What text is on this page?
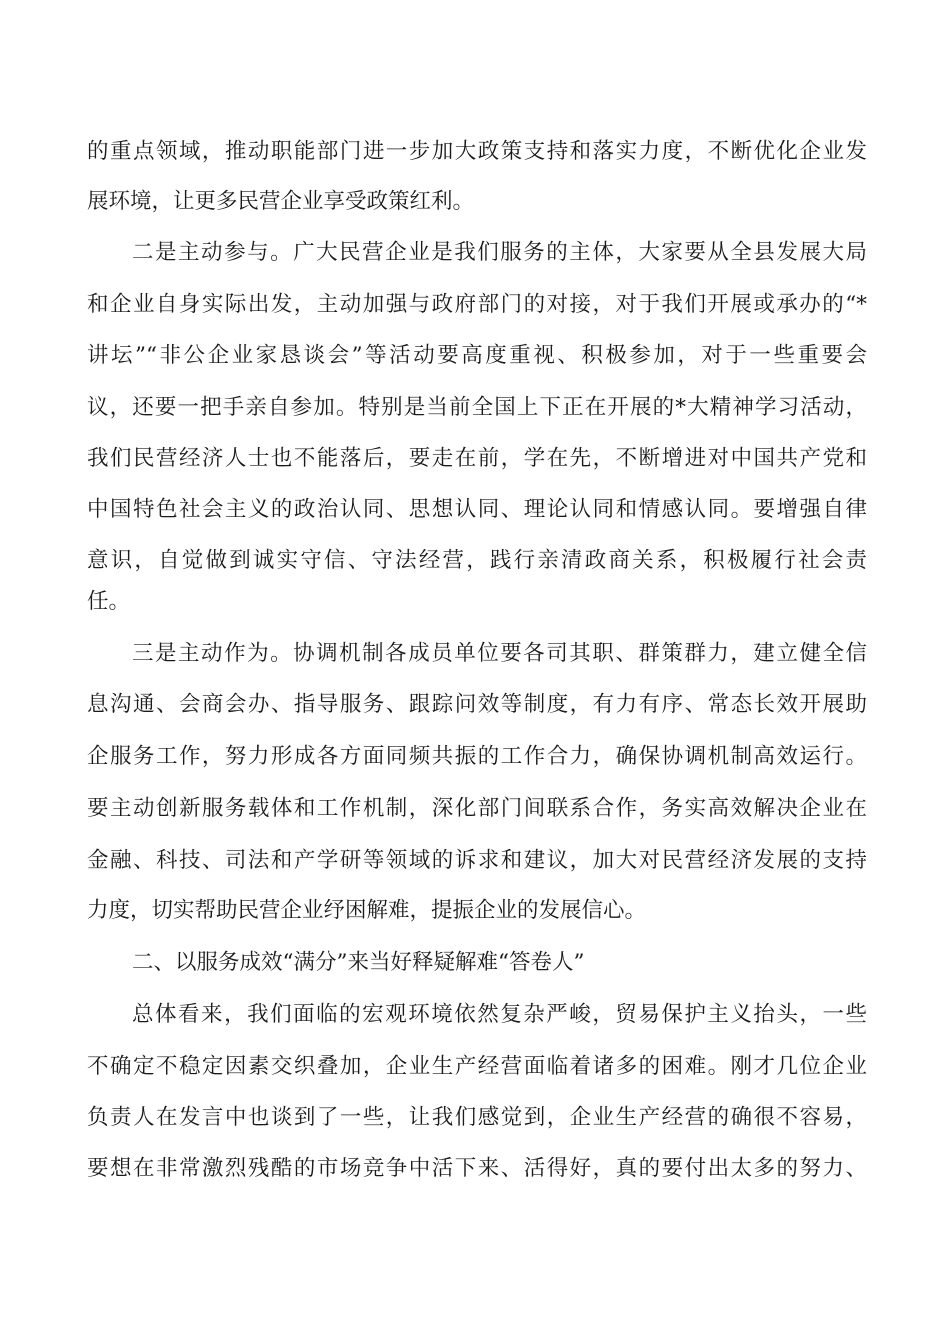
的重点领域，推动职能部门进一步加大政策支持和落实力度，不断优化企业发
展环境，让更多民营企业享受政策红利。
二是主动参与。广大民营企业是我们服务的主体，大家要从全县发展大局
和企业自身实际出发，主动加强与政府部门的对接，对于我们开展或承办的“*
讲坛”“非公企业家恳谈会”等活动要高度重视、积极参加，对于一些重要会
议，还要一把手亲自参加。特别是当前全国上下正在开展的*大精神学习活动，
我们民营经济人士也不能落后，要走在前，学在先，不断增进对中国共产党和
中国特色社会主义的政治认同、思想认同、理论认同和情感认同。要增强自律
意识，自觉做到诚实守信、守法经营，践行亲清政商关系，积极履行社会责
任。
三是主动作为。协调机制各成员单位要各司其职、群策群力，建立健全信
息沟通、会商会办、指导服务、跟踪问效等制度，有力有序、常态长效开展助
企服务工作，努力形成各方面同频共振的工作合力，确保协调机制高效运行。
要主动创新服务载体和工作机制，深化部门间联系合作，务实高效解决企业在
金融、科技、司法和产学研等领域的诉求和建议，加大对民营经济发展的支持
力度，切实帮助民营企业纾困解难，提振企业的发展信心。
二、以服务成效“满分”来当好释疑解难“答卷人”
总体看来，我们面临的宏观环境依然复杂严峻，贸易保护主义抬头，一些
不确定不稳定因素交织叠加，企业生产经营面临着诸多的困难。刚才几位企业
负责人在发言中也谈到了一些，让我们感觉到，企业生产经营的确很不容易，
要想在非常激烈残酷的市场竞争中活下来、活得好，真的要付出太多的努力、
